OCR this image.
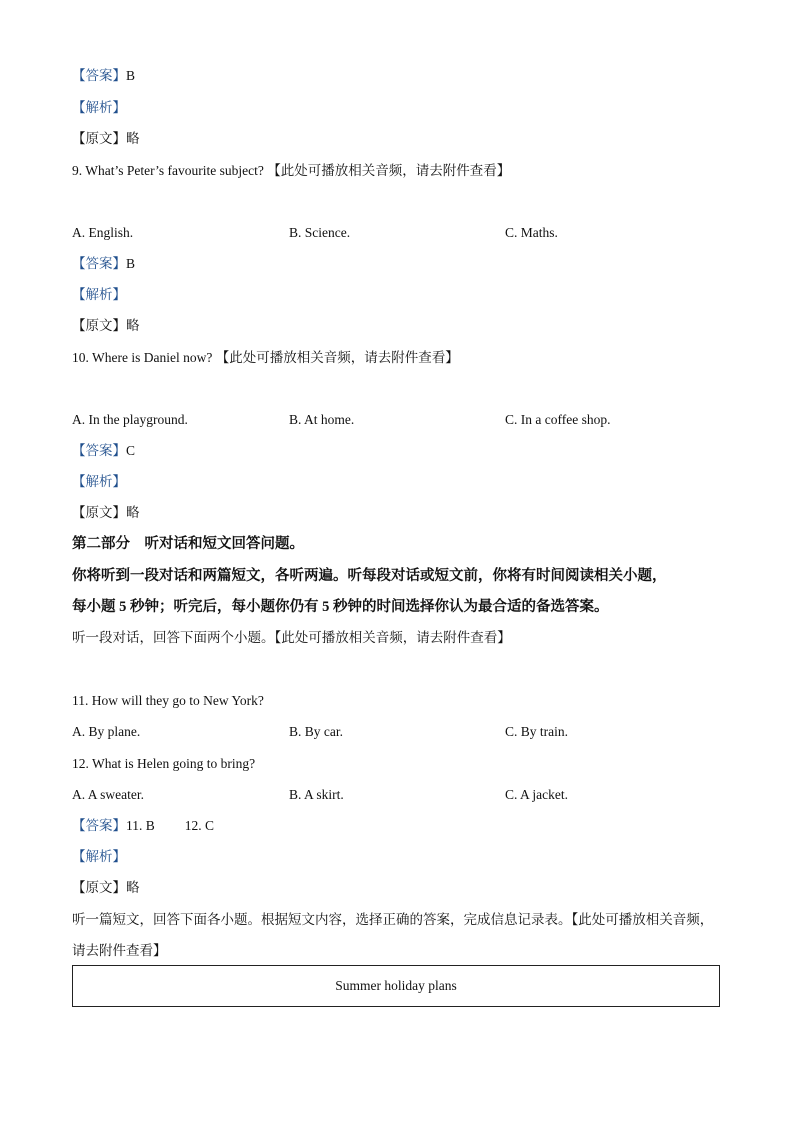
【答案】B
【解析】
【原文】略
9. What’s Peter’s favourite subject? 【此处可播放相关音频，请去附件查看】
A. English.	B. Science.	C. Maths.
【答案】B
【解析】
【原文】略
10. Where is Daniel now? 【此处可播放相关音频，请去附件查看】
A. In the playground.	B. At home.	C. In a coffee shop.
【答案】C
【解析】
【原文】略
第二部分　听对话和短文回答问题。
你将听到一段对话和两篇短文，各听两遍。听每段对话或短文前，你将有时间阅读相关小题，
每小题 5 秒钟；听完后，每小题你仍有 5 秒钟的时间选择你认为最合适的备选答案。
听一段对话，回答下面两个小题。【此处可播放相关音频，请去附件查看】
11. How will they go to New York?
A. By plane.	B. By car.	C. By train.
12. What is Helen going to bring?
A. A sweater.	B. A skirt.	C. A jacket.
【答案】11. B 12. C
【解析】
【原文】略
听一篇短文，回答下面各小题。根据短文内容，选择正确的答案，完成信息记录表。【此处可播放相关音频，
请去附件查看】
Summer holiday plans
